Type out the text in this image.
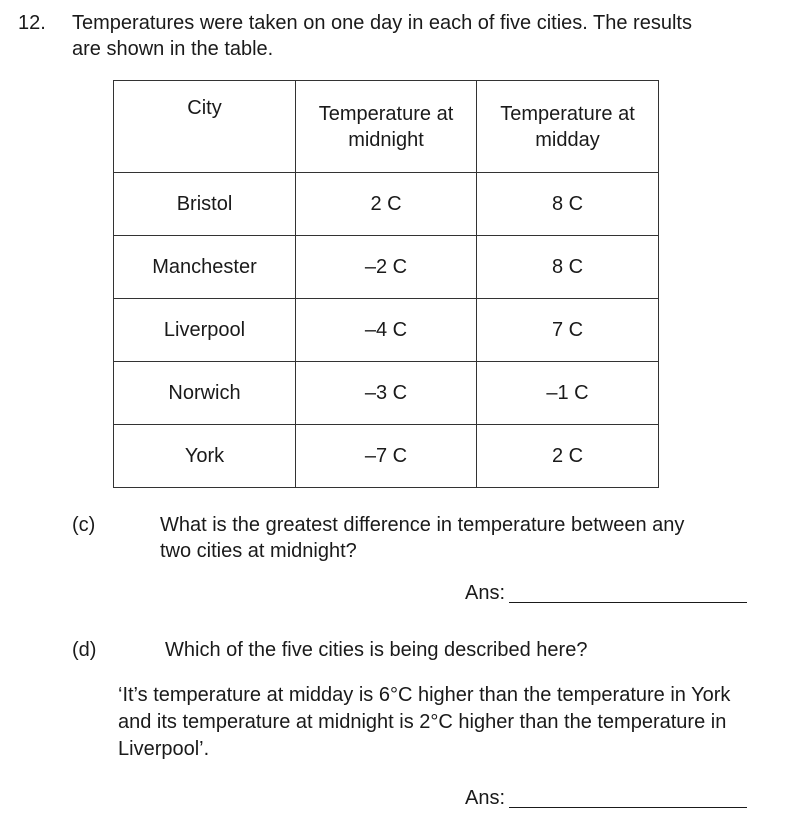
12. Temperatures were taken on one day in each of five cities. The results are shown in the table.
City	Temperature at midnight	Temperature at midday
Bristol	2 C	8 C
Manchester	–2 C	8 C
Liverpool	–4 C	7 C
Norwich	–3 C	–1 C
York	–7 C	2 C
(c)	What is the greatest difference in temperature between any two cities at midnight?
Ans:
(d)	Which of the five cities is being described here?
‘It’s temperature at midday is 6°C higher than the temperature in York and its temperature at midnight is 2°C higher than the temperature in Liverpool’.
Ans:
